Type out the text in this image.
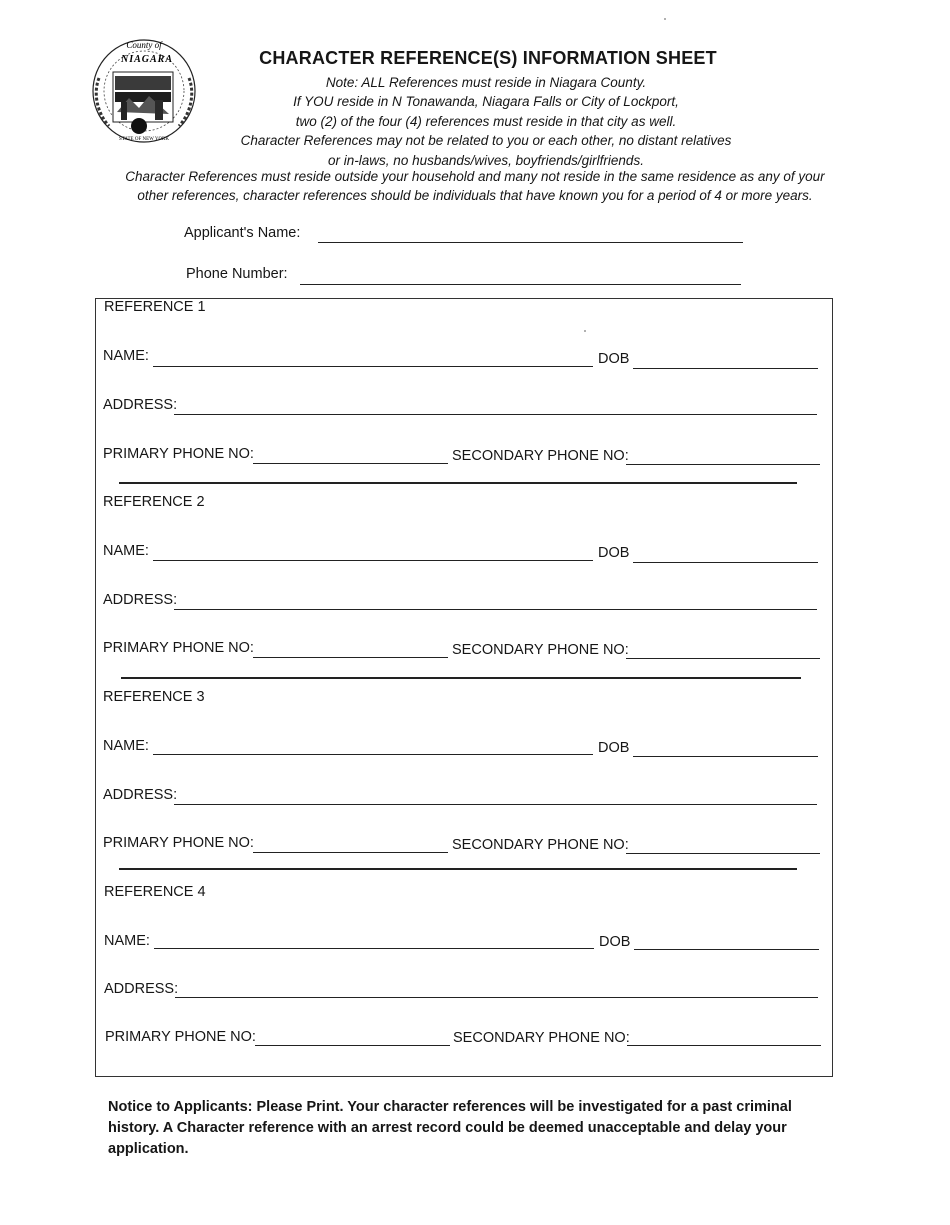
County of
NIAGARA
STATE OF NEW YORK
CHARACTER REFERENCE(S) INFORMATION SHEET
Note: ALL References must reside in Niagara County.
If YOU reside in N Tonawanda, Niagara Falls or City of Lockport,
two (2) of the four (4) references must reside in that city as well.
Character References may not be related to you or each other, no distant relatives
or in-laws, no husbands/wives, boyfriends/girlfriends.
Character References must reside outside your household and many not reside in the same residence as any of your
other references, character references should be individuals that have known you for a period of 4 or more years.
Applicant's Name:
Phone Number:
REFERENCE 1
NAME:	DOB
ADDRESS:
PRIMARY PHONE NO:	SECONDARY PHONE NO:
REFERENCE 2
NAME:	DOB
ADDRESS:
PRIMARY PHONE NO:	SECONDARY PHONE NO:
REFERENCE 3
NAME:	DOB
ADDRESS:
PRIMARY PHONE NO:	SECONDARY PHONE NO:
REFERENCE 4
NAME:	DOB
ADDRESS:
PRIMARY PHONE NO:	SECONDARY PHONE NO:
Notice to Applicants: Please Print. Your character references will be investigated for a past criminal history. A Character reference with an arrest record could be deemed unacceptable and delay your application.
